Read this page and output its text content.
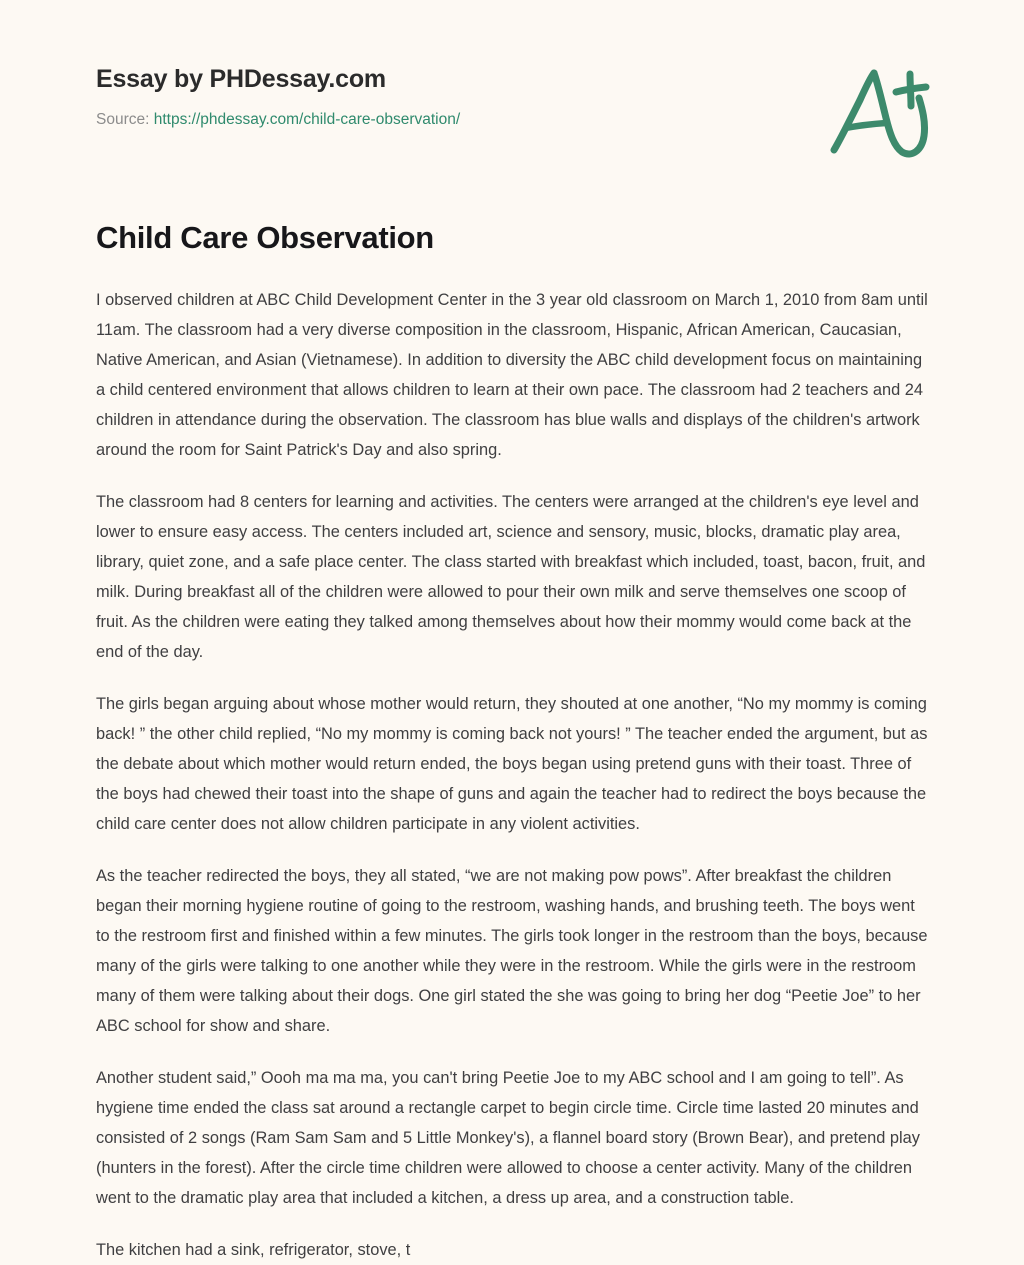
Essay by PHDessay.com
Source: https://phdessay.com/child-care-observation/
Child Care Observation

I observed children at ABC Child Development Center in the 3 year old classroom on March 1, 2010 from 8am until 11am. The classroom had a very diverse composition in the classroom, Hispanic, African American, Caucasian, Native American, and Asian (Vietnamese). In addition to diversity the ABC child development focus on maintaining a child centered environment that allows children to learn at their own pace. The classroom had 2 teachers and 24 children in attendance during the observation. The classroom has blue walls and displays of the children's artwork around the room for Saint Patrick's Day and also spring.

The classroom had 8 centers for learning and activities. The centers were arranged at the children's eye level and lower to ensure easy access. The centers included art, science and sensory, music, blocks, dramatic play area, library, quiet zone, and a safe place center. The class started with breakfast which included, toast, bacon, fruit, and milk. During breakfast all of the children were allowed to pour their own milk and serve themselves one scoop of fruit. As the children were eating they talked among themselves about how their mommy would come back at the end of the day.

The girls began arguing about whose mother would return, they shouted at one another, “No my mommy is coming back! ” the other child replied, “No my mommy is coming back not yours! ” The teacher ended the argument, but as the debate about which mother would return ended, the boys began using pretend guns with their toast. Three of the boys had chewed their toast into the shape of guns and again the teacher had to redirect the boys because the child care center does not allow children participate in any violent activities.

As the teacher redirected the boys, they all stated, “we are not making pow pows”. After breakfast the children began their morning hygiene routine of going to the restroom, washing hands, and brushing teeth. The boys went to the restroom first and finished within a few minutes. The girls took longer in the restroom than the boys, because many of the girls were talking to one another while they were in the restroom. While the girls were in the restroom many of them were talking about their dogs. One girl stated the she was going to bring her dog “Peetie Joe” to her ABC school for show and share.

Another student said,” Oooh ma ma ma, you can't bring Peetie Joe to my ABC school and I am going to tell”. As hygiene time ended the class sat around a rectangle carpet to begin circle time. Circle time lasted 20 minutes and consisted of 2 songs (Ram Sam Sam and 5 Little Monkey's), a flannel board story (Brown Bear), and pretend play (hunters in the forest). After the circle time children were allowed to choose a center activity. Many of the children went to the dramatic play area that included a kitchen, a dress up area, and a construction table.

The kitchen had a sink, refrigerator, stove, t
